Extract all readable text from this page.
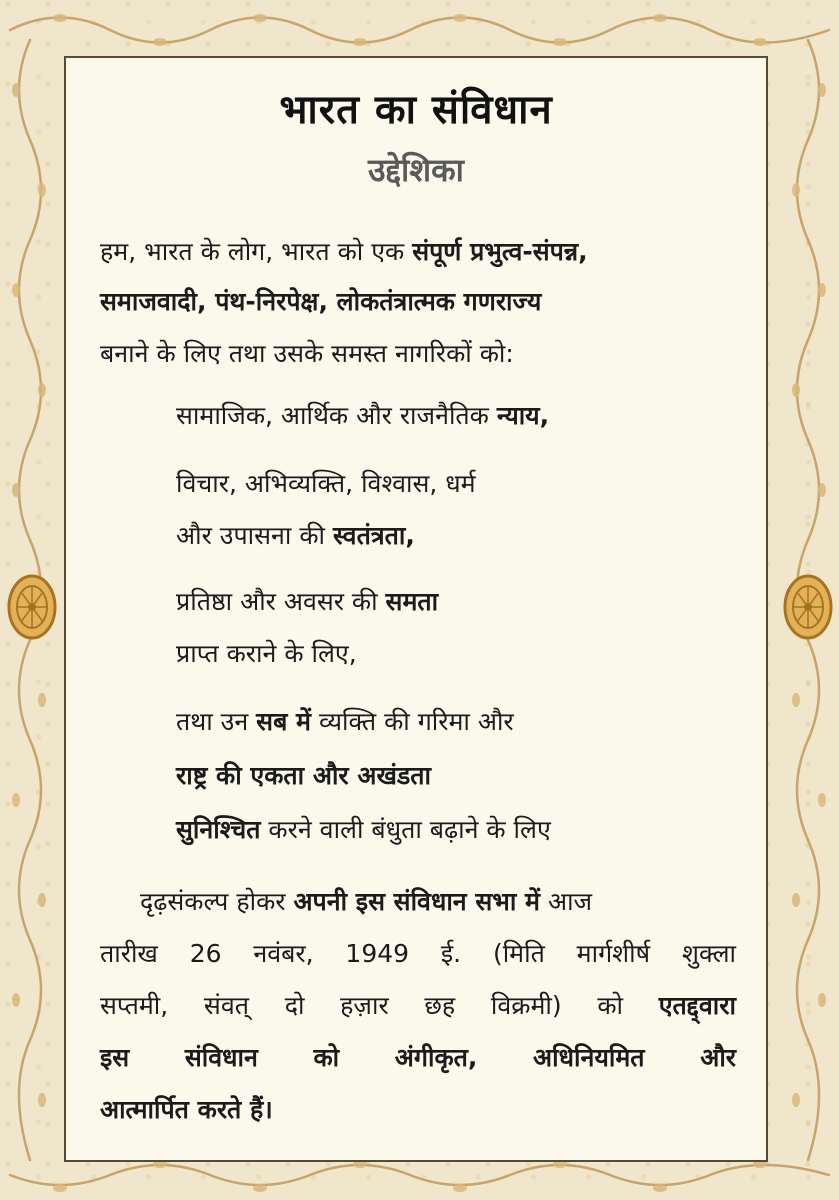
भारत का संविधान
उद्देशिका
हम, भारत के लोग, भारत को एक संपूर्ण प्रभुत्व-संपन्न,
समाजवादी, पंथ-निरपेक्ष, लोकतंत्रात्मक गणराज्य
बनाने के लिए तथा उसके समस्त नागरिकों को:
सामाजिक, आर्थिक और राजनैतिक न्याय,
विचार, अभिव्यक्ति, विश्वास, धर्म
और उपासना की स्वतंत्रता,
प्रतिष्ठा और अवसर की समता
प्राप्त कराने के लिए,
तथा उन सब में व्यक्ति की गरिमा और
राष्ट्र की एकता और अखंडता
सुनिश्चित करने वाली बंधुता बढ़ाने के लिए
दृढ़संकल्प होकर अपनी इस संविधान सभा में आज
तारीख 26 नवंबर, 1949 ई. (मिति मार्गशीर्ष शुक्ला
सप्तमी, संवत् दो हज़ार छह विक्रमी) को एतद्द्वारा
इस संविधान को अंगीकृत, अधिनियमित और
आत्मार्पित करते हैं।
